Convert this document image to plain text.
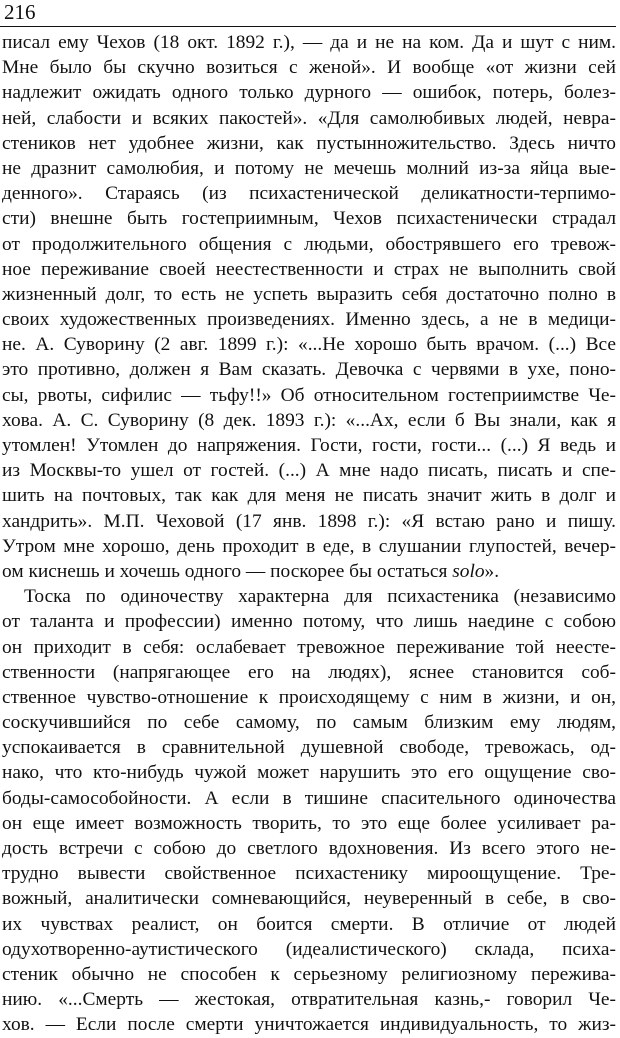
216
писал ему Чехов (18 окт. 1892 г.), — да и не на ком. Да и шут с ним.
Мне было бы скучно возиться с женой». И вообще «от жизни сей
надлежит ожидать одного только дурного — ошибок, потерь, болез-
ней, слабости и всяких пакостей». «Для самолюбивых людей, невра-
стеников нет удобнее жизни, как пустынножительство. Здесь ничто
не дразнит самолюбия, и потому не мечешь молний из-за яйца вые-
денного». Стараясь (из психастенической деликатности-терпимо-
сти) внешне быть гостеприимным, Чехов психастенически страдал
от продолжительного общения с людьми, обострявшего его тревож-
ное переживание своей неестественности и страх не выполнить свой
жизненный долг, то есть не успеть выразить себя достаточно полно в
своих художественных произведениях. Именно здесь, а не в медици-
не. А. Суворину (2 авг. 1899 г.): «...Не хорошо быть врачом. (...) Все
это противно, должен я Вам сказать. Девочка с червями в ухе, поно-
сы, рвоты, сифилис — тьфу!!» Об относительном гостеприимстве Че-
хова. А. С. Суворину (8 дек. 1893 г.): «...Ах, если б Вы знали, как я
утомлен! Утомлен до напряжения. Гости, гости, гости... (...) Я ведь и
из Москвы-то ушел от гостей. (...) А мне надо писать, писать и спе-
шить на почтовых, так как для меня не писать значит жить в долг и
хандрить». М.П. Чеховой (17 янв. 1898 г.): «Я встаю рано и пишу.
Утром мне хорошо, день проходит в еде, в слушании глупостей, вечер-
ом киснешь и хочешь одного — поскорее бы остаться solo».
Тоска по одиночеству характерна для психастеника (независимо
от таланта и профессии) именно потому, что лишь наедине с собою
он приходит в себя: ослабевает тревожное переживание той неесте-
ственности (напрягающее его на людях), яснее становится соб-
ственное чувство-отношение к происходящему с ним в жизни, и он,
соскучившийся по себе самому, по самым близким ему людям,
успокаивается в сравнительной душевной свободе, тревожась, од-
нако, что кто-нибудь чужой может нарушить это его ощущение сво-
боды-самособойности. А если в тишине спасительного одиночества
он еще имеет возможность творить, то это еще более усиливает ра-
дость встречи с собою до светлого вдохновения. Из всего этого не-
трудно вывести свойственное психастенику мироощущение. Тре-
вожный, аналитически сомневающийся, неуверенный в себе, в сво-
их чувствах реалист, он боится смерти. В отличие от людей
одухотворенно-аутистического (идеалистического) склада, психа-
стеник обычно не способен к серьезному религиозному пережива-
нию. «...Смерть — жестокая, отвратительная казнь,- говорил Че-
хов. — Если после смерти уничтожается индивидуальность, то жиз-
